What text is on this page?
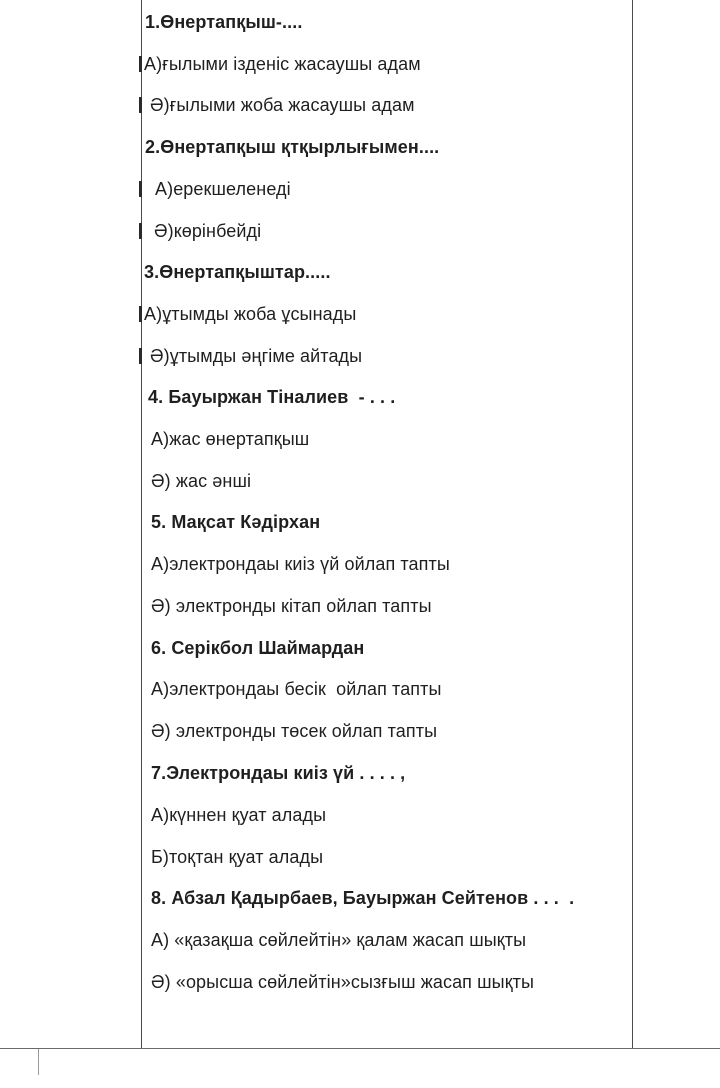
1.Өнертапқыш-....
А)ғылыми ізденіс жасаушы адам
Ә)ғылыми жоба жасаушы адам
2.Өнертапқыш қтқырлығымен....
А)ерекшеленеді
Ә)көрінбейді
3.Өнертапқыштар.....
А)ұтымды жоба ұсынады
Ә)ұтымды әңгіме айтады
4. Бауыржан Тіналиев  - . . .
А)жас өнертапқыш
Ә) жас әнші
5. Мақсат Кәдірхан
А)электрондаы киіз үй ойлап тапты
Ә) электронды кітап ойлап тапты
6. Серікбол Шаймардан
А)электрондаы бесік  ойлап тапты
Ә) электронды төсек ойлап тапты
7.Электрондаы киіз үй . . . . ,
А)күннен қуат алады
Б)тоқтан қуат алады
8. Абзал Қадырбаев, Бауыржан Сейтенов . . .  .
А) «қазақша сөйлейтін» қалам жасап шықты
Ә) «орысша сөйлейтін»сызғыш жасап шықты
